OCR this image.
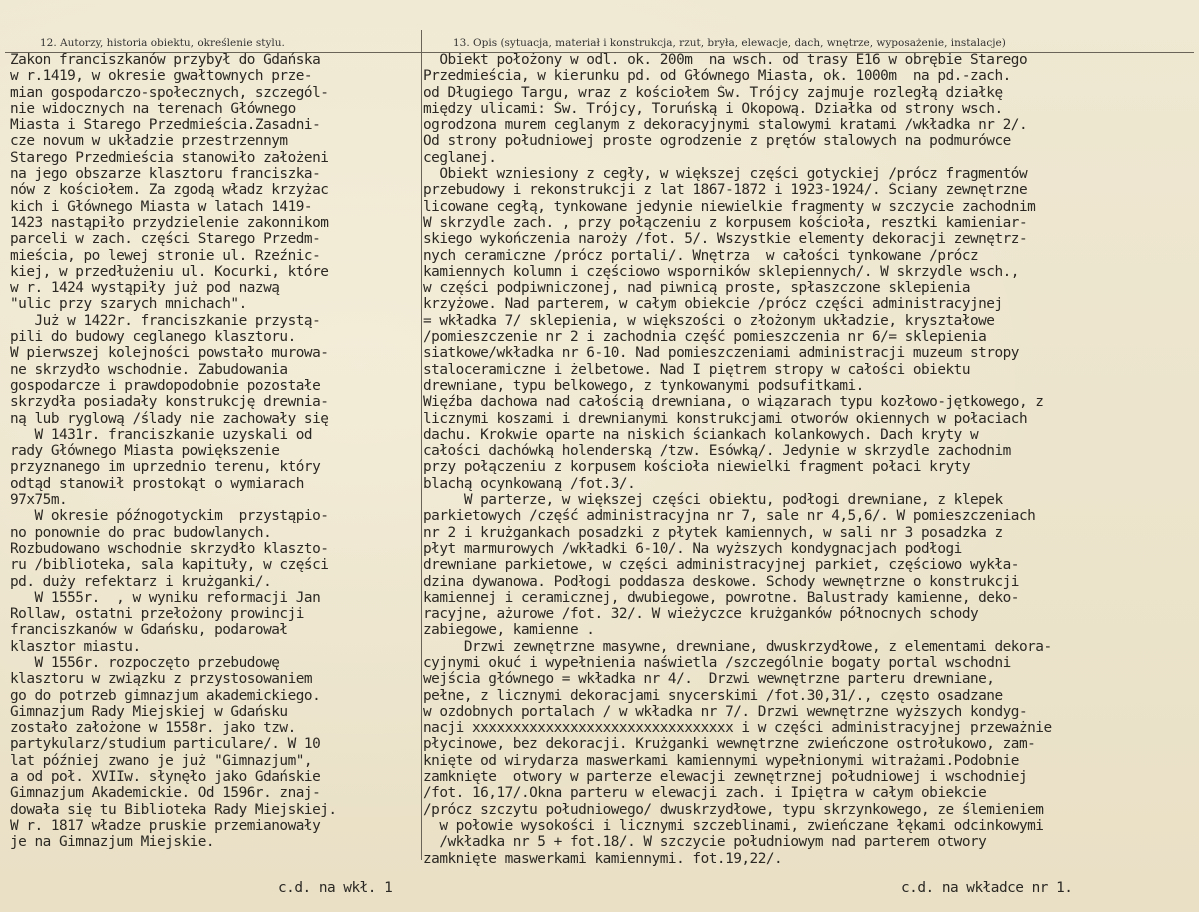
12. Autorzy, historia obiektu, określenie stylu.	13. Opis (sytuacja, materiał i konstrukcja, rzut, bryła, elewacje, dach, wnętrze, wyposażenie, instalacje)
Zakon franciszkanów przybył do Gdańska
w r.1419, w okresie gwałtownych prze-
mian gospodarczo-społecznych, szczegól-
nie widocznych na terenach Głównego
Miasta i Starego Przedmieścia.Zasadni-
cze novum w układzie przestrzennym
Starego Przedmieścia stanowiło założeni
na jego obszarze klasztoru franciszka-
nów z kościołem. Za zgodą władz krzyżac
kich i Głównego Miasta w latach 1419-
1423 nastąpiło przydzielenie zakonnikom
parceli w zach. części Starego Przedm-
mieścia, po lewej stronie ul. Rzeźnic-
kiej, w przedłużeniu ul. Kocurki, które
w r. 1424 wystąpiły już pod nazwą
"ulic przy szarych mnichach".
Już w 1422r. franciszkanie przystą-
pili do budowy ceglanego klasztoru.
W pierwszej kolejności powstało murowa-
ne skrzydło wschodnie. Zabudowania
gospodarcze i prawdopodobnie pozostałe
skrzydła posiadały konstrukcję drewnia-
ną lub ryglową /ślady nie zachowały się
W 1431r. franciszkanie uzyskali od
rady Głównego Miasta powiększenie
przyznanego im uprzednio terenu, który
odtąd stanowił prostokąt o wymiarach
97x75m.
W okresie późnogotyckim  przystąpio-
no ponownie do prac budowlanych.
Rozbudowano wschodnie skrzydło klaszto-
ru /biblioteka, sala kapituły, w części
pd. duży refektarz i krużganki/.
W 1555r.  , w wyniku reformacji Jan
Rollaw, ostatni przełożony prowincji
franciszkanów w Gdańsku, podarował
klasztor miastu.
W 1556r. rozpoczęto przebudowę
klasztoru w związku z przystosowaniem
go do potrzeb gimnazjum akademickiego.
Gimnazjum Rady Miejskiej w Gdańsku
zostało założone w 1558r. jako tzw.
partykularz/studium particulare/. W 10
lat później zwano je już "Gimnazjum",
a od poł. XVIIw. słynęło jako Gdańskie
Gimnazjum Akademickie. Od 1596r. znaj-
dowała się tu Biblioteka Rady Miejskiej.
W r. 1817 władze pruskie przemianowały
je na Gimnazjum Miejskie.
Obiekt położony w odl. ok. 200m  na wsch. od trasy E16 w obrębie Starego
Przedmieścia, w kierunku pd. od Głównego Miasta, ok. 1000m  na pd.-zach.
od Długiego Targu, wraz z kościołem Św. Trójcy zajmuje rozległą działkę
między ulicami: Św. Trójcy, Toruńską i Okopową. Działka od strony wsch.
ogrodzona murem ceglanym z dekoracyjnymi stalowymi kratami /wkładka nr 2/.
Od strony południowej proste ogrodzenie z prętów stalowych na podmurówce
ceglanej.
Obiekt wzniesiony z cegły, w większej części gotyckiej /prócz fragmentów
przebudowy i rekonstrukcji z lat 1867-1872 i 1923-1924/. Ściany zewnętrzne
licowane cegłą, tynkowane jedynie niewielkie fragmenty w szczycie zachodnim
W skrzydle zach. , przy połączeniu z korpusem kościoła, resztki kamieniar-
skiego wykończenia naroży /fot. 5/. Wszystkie elementy dekoracji zewnętrz-
nych ceramiczne /prócz portali/. Wnętrza  w całości tynkowane /prócz
kamiennych kolumn i częściowo wsporników sklepiennych/. W skrzydle wsch.,
w części podpiwniczonej, nad piwnicą proste, spłaszczone sklepienia
krzyżowe. Nad parterem, w całym obiekcie /prócz części administracyjnej
= wkładka 7/ sklepienia, w większości o złożonym układzie, kryształowe
/pomieszczenie nr 2 i zachodnia część pomieszczenia nr 6/= sklepienia
siatkowe/wkładka nr 6-10. Nad pomieszczeniami administracji muzeum stropy
staloceramiczne i żelbetowe. Nad I piętrem stropy w całości obiektu
drewniane, typu belkowego, z tynkowanymi podsufitkami.
Więźba dachowa nad całością drewniana, o wiązarach typu kozłowo-jętkowego, z
licznymi koszami i drewnianymi konstrukcjami otworów okiennych w połaciach
dachu. Krokwie oparte na niskich ściankach kolankowych. Dach kryty w
całości dachówką holenderską /tzw. Esówką/. Jedynie w skrzydle zachodnim
przy połączeniu z korpusem kościoła niewielki fragment połaci kryty
blachą ocynkowaną /fot.3/.
W parterze, w większej części obiektu, podłogi drewniane, z klepek
parkietowych /część administracyjna nr 7, sale nr 4,5,6/. W pomieszczeniach
nr 2 i krużgankach posadzki z płytek kamiennych, w sali nr 3 posadzka z
płyt marmurowych /wkładki 6-10/. Na wyższych kondygnacjach podłogi
drewniane parkietowe, w części administracyjnej parkiet, częściowo wykła-
dzina dywanowa. Podłogi poddasza deskowe. Schody wewnętrzne o konstrukcji
kamiennej i ceramicznej, dwubiegowe, powrotne. Balustrady kamienne, deko-
racyjne, ażurowe /fot. 32/. W wieżyczce krużganków północnych schody
zabiegowe, kamienne .
Drzwi zewnętrzne masywne, drewniane, dwuskrzydłowe, z elementami dekora-
cyjnymi okuć i wypełnienia naświetla /szczególnie bogaty portal wschodni
wejścia głównego = wkładka nr 4/.  Drzwi wewnętrzne parteru drewniane,
pełne, z licznymi dekoracjami snycerskimi /fot.30,31/., często osadzane
w ozdobnych portalach / w wkładka nr 7/. Drzwi wewnętrzne wyższych kondyg-
nacji xxxxxxxxxxxxxxxxxxxxxxxxxxxxxxxx i w części administracyjnej przeważnie
płycinowe, bez dekoracji. Krużganki wewnętrzne zwieńczone ostrołukowo, zam-
knięte od wirydarza maswerkami kamiennymi wypełnionymi witrażami.Podobnie
zamknięte  otwory w parterze elewacji zewnętrznej południowej i wschodniej
/fot. 16,17/.Okna parteru w elewacji zach. i Ipiętra w całym obiekcie
/prócz szczytu południowego/ dwuskrzydłowe, typu skrzynkowego, ze ślemieniem
w połowie wysokości i licznymi szczeblinami, zwieńczane łękami odcinkowymi
/wkładka nr 5 + fot.18/. W szczycie południowym nad parterem otwory
zamknięte maswerkami kamiennymi. fot.19,22/.
c.d. na wkł. 1	c.d. na wkładce nr 1.
